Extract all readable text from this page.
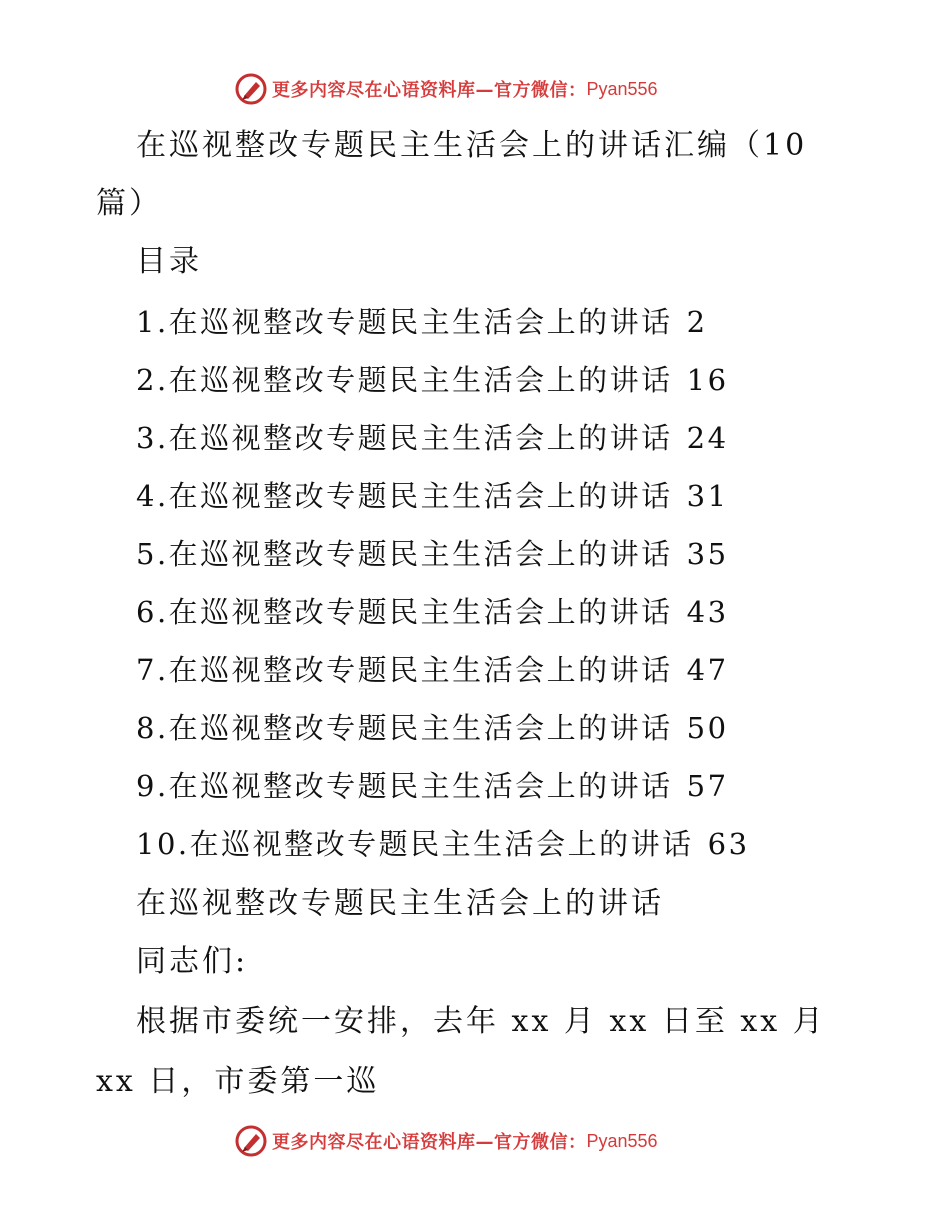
更多内容尽在心语资料库—官方微信： Pyan556
在巡视整改专题民主生活会上的讲话汇编（10
篇）
目录
1.在巡视整改专题民主生活会上的讲话 2
2.在巡视整改专题民主生活会上的讲话 16
3.在巡视整改专题民主生活会上的讲话 24
4.在巡视整改专题民主生活会上的讲话 31
5.在巡视整改专题民主生活会上的讲话 35
6.在巡视整改专题民主生活会上的讲话 43
7.在巡视整改专题民主生活会上的讲话 47
8.在巡视整改专题民主生活会上的讲话 50
9.在巡视整改专题民主生活会上的讲话 57
10.在巡视整改专题民主生活会上的讲话 63
在巡视整改专题民主生活会上的讲话
同志们:
根据市委统一安排，去年 xx 月 xx 日至 xx 月
xx 日，市委第一巡
更多内容尽在心语资料库—官方微信： Pyan556
